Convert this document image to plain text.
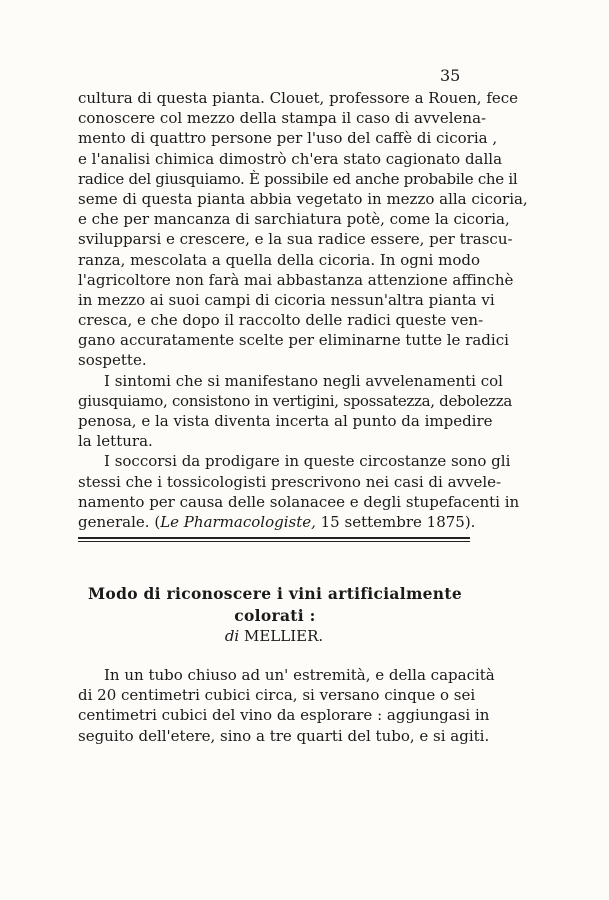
35
cultura di questa pianta. Clouet, professore a Rouen, fece
conoscere col mezzo della stampa il caso di avvelena-
mento di quattro persone per l'uso del caffè di cicoria ,
e l'analisi chimica dimostrò ch'era stato cagionato dalla
radice del giusquiamo. È possibile ed anche probabile che il
seme di questa pianta abbia vegetato in mezzo alla cicoria,
e che per mancanza di sarchiatura potè, come la cicoria,
svilupparsi e crescere, e la sua radice essere, per trascu-
ranza, mescolata a quella della cicoria. In ogni modo
l'agricoltore non farà mai abbastanza attenzione affinchè
in mezzo ai suoi campi di cicoria nessun'altra pianta vi
cresca, e che dopo il raccolto delle radici queste ven-
gano accuratamente scelte per eliminarne tutte le radici
sospette.
I sintomi che si manifestano negli avvelenamenti col
giusquiamo, consistono in vertigini, spossatezza, debolezza
penosa, e la vista diventa incerta al punto da impedire
la lettura.
I soccorsi da prodigare in queste circostanze sono gli
stessi che i tossicologisti prescrivono nei casi di avvele-
namento per causa delle solanacee e degli stupefacenti in
generale. (Le Pharmacologiste, 15 settembre 1875).
Modo di riconoscere i vini artificialmente
colorati :
di MELLIER.
In un tubo chiuso ad un' estremità, e della capacità
di 20 centimetri cubici circa, si versano cinque o sei
centimetri cubici del vino da esplorare : aggiungasi in
seguito dell'etere, sino a tre quarti del tubo, e si agiti.
